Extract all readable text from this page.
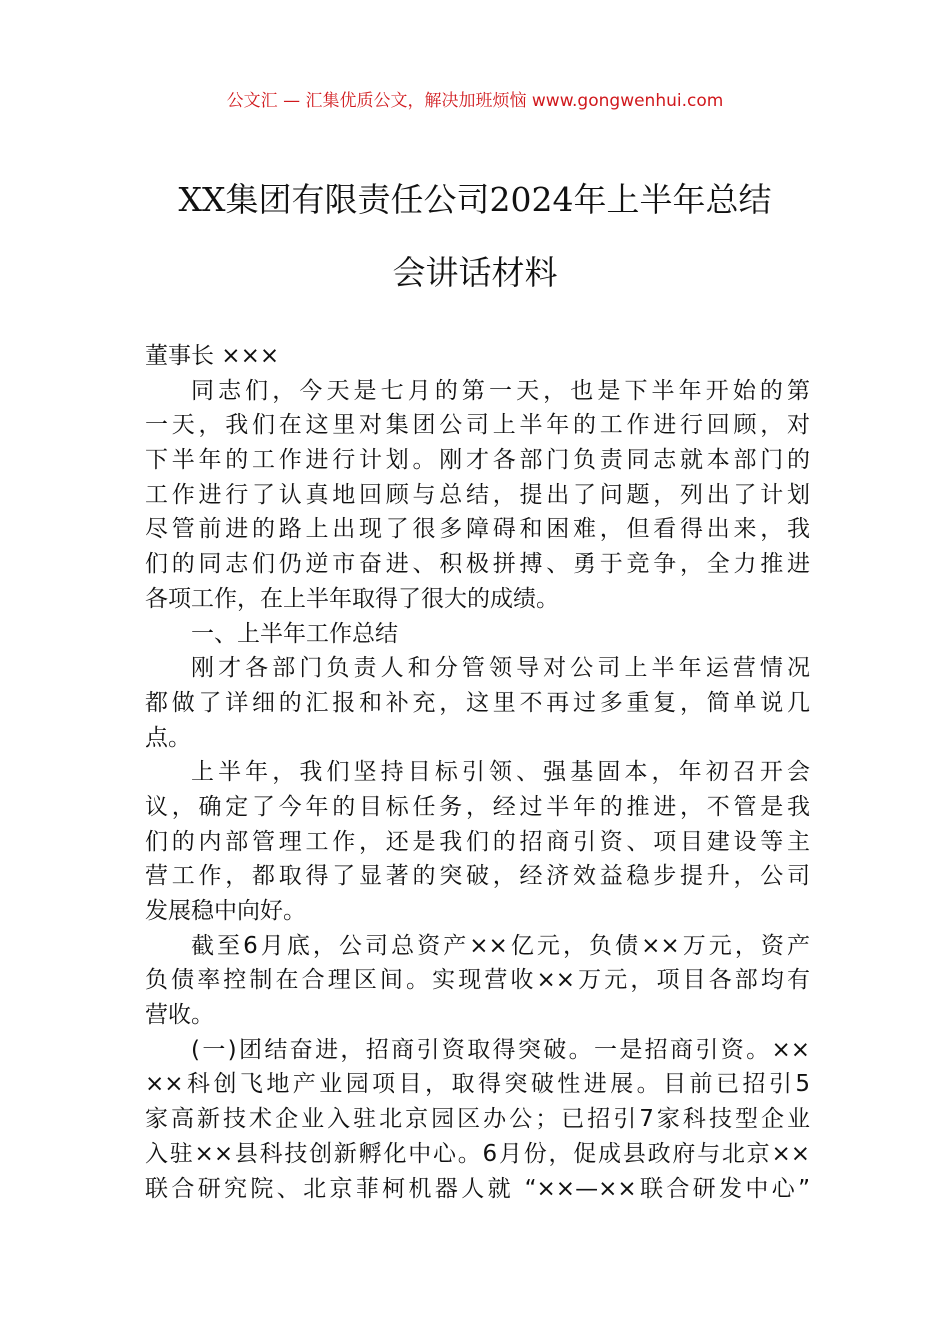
公文汇 — 汇集优质公文，解决加班烦恼 www.gongwenhui.com
XX集团有限责任公司2024年上半年总结
会讲话材料

董事长 ×××

同志们，今天是七月的第一天，也是下半年开始的第

一天，我们在这里对集团公司上半年的工作进行回顾，对

下半年的工作进行计划。刚才各部门负责同志就本部门的

工作进行了认真地回顾与总结，提出了问题，列出了计划

尽管前进的路上出现了很多障碍和困难，但看得出来，我

们的同志们仍逆市奋进、积极拼搏、勇于竞争，全力推进

各项工作，在上半年取得了很大的成绩。

一、上半年工作总结

刚才各部门负责人和分管领导对公司上半年运营情况

都做了详细的汇报和补充，这里不再过多重复，简单说几

点。

上半年，我们坚持目标引领、强基固本，年初召开会

议，确定了今年的目标任务，经过半年的推进，不管是我

们的内部管理工作，还是我们的招商引资、项目建设等主

营工作，都取得了显著的突破，经济效益稳步提升，公司

发展稳中向好。

截至6月底，公司总资产××亿元，负债××万元，资产

负债率控制在合理区间。实现营收××万元，项目各部均有

营收。

(一)团结奋进，招商引资取得突破。一是招商引资。××

××科创飞地产业园项目，取得突破性进展。目前已招引5

家高新技术企业入驻北京园区办公；已招引7家科技型企业

入驻××县科技创新孵化中心。6月份，促成县政府与北京××

联合研究院、北京菲柯机器人就 “××—××联合研发中心”
